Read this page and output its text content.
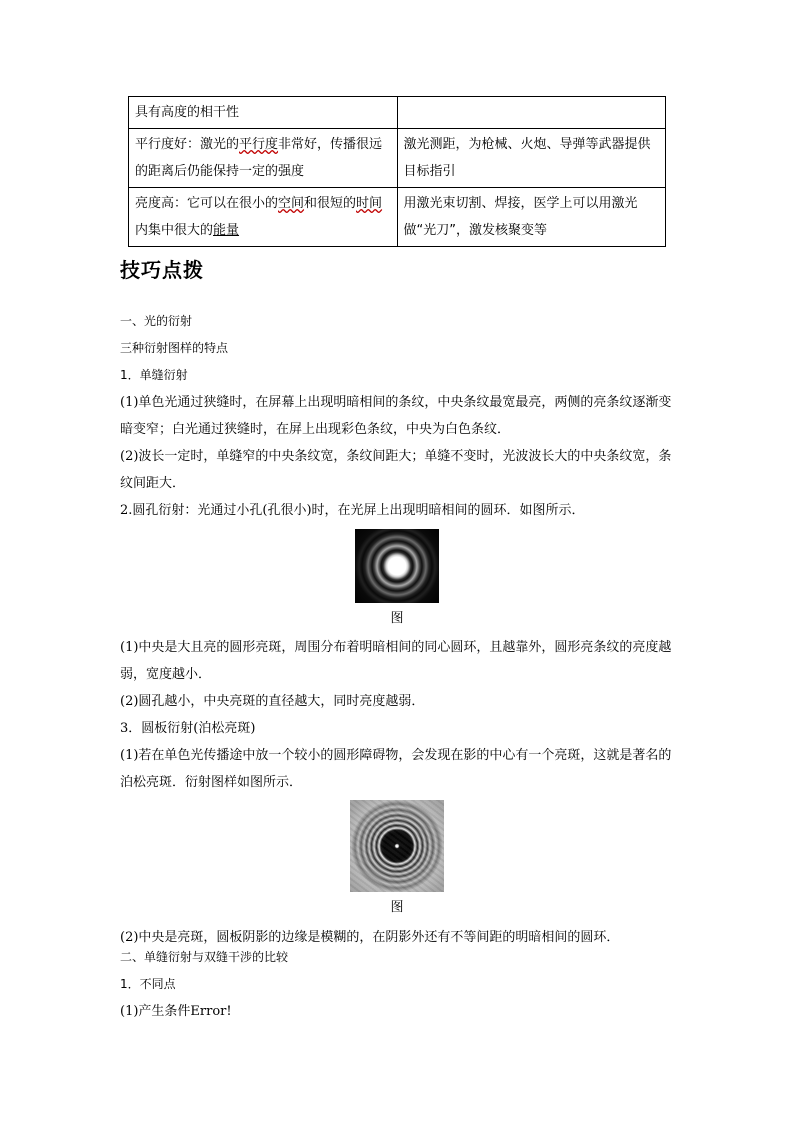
具有高度的相干性	
平行度好：激光的平行度非常好，传播很远的距离后仍能保持一定的强度	激光测距，为枪械、火炮、导弹等武器提供目标指引
亮度高：它可以在很小的空间和很短的时间内集中很大的能量	用激光束切割、焊接，医学上可以用激光做“光刀”，激发核聚变等
技巧点拨
一、光的衍射
三种衍射图样的特点
1．单缝衍射
(1)单色光通过狭缝时，在屏幕上出现明暗相间的条纹，中央条纹最宽最亮，两侧的亮条纹逐渐变暗变窄；白光通过狭缝时，在屏上出现彩色条纹，中央为白色条纹．
(2)波长一定时，单缝窄的中央条纹宽，条纹间距大；单缝不变时，光波波长大的中央条纹宽，条纹间距大．
2.圆孔衍射：光通过小孔(孔很小)时，在光屏上出现明暗相间的圆环．如图所示．
图
(1)中央是大且亮的圆形亮斑，周围分布着明暗相间的同心圆环，且越靠外，圆形亮条纹的亮度越弱，宽度越小．
(2)圆孔越小，中央亮斑的直径越大，同时亮度越弱．
3．圆板衍射(泊松亮斑)
(1)若在单色光传播途中放一个较小的圆形障碍物，会发现在影的中心有一个亮斑，这就是著名的泊松亮斑．衍射图样如图所示．
图
(2)中央是亮斑，圆板阴影的边缘是模糊的，在阴影外还有不等间距的明暗相间的圆环．
二、单缝衍射与双缝干涉的比较
1．不同点
(1)产生条件Error!
